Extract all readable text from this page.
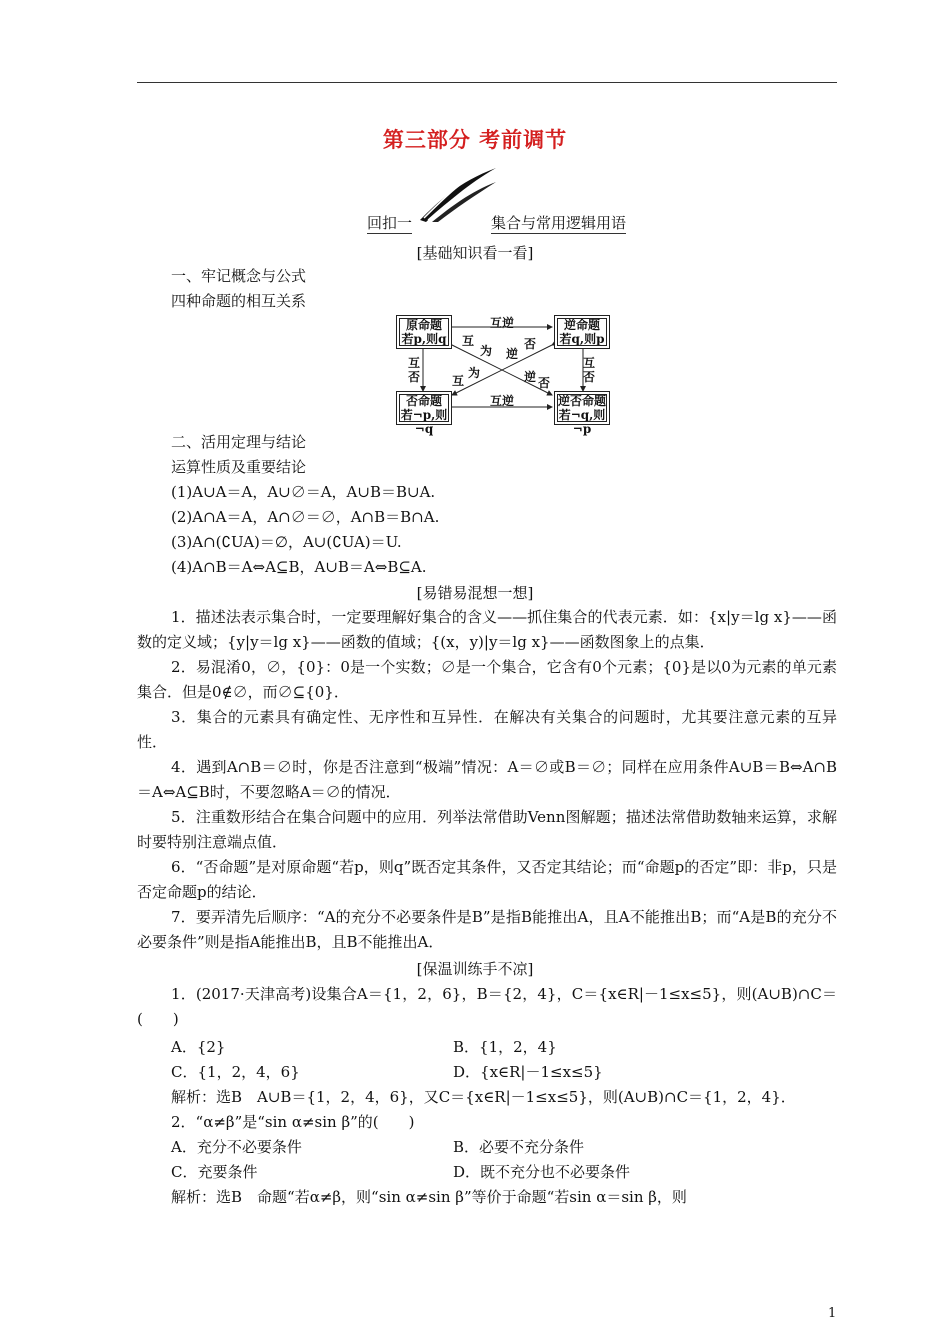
第三部分 考前调节
回扣一	集合与常用逻辑用语
[基础知识看一看]
一、牢记概念与公式
四种命题的相互关系
原命题
若p,则q
逆命题
若q,则p
否命题
若¬p,则¬q
逆否命题
若¬q,则¬p
互逆
互逆
互
否
互
否
互
为
逆 否
互
为
逆
否
二、活用定理与结论
运算性质及重要结论
(1)A∪A＝A，A∪∅＝A，A∪B＝B∪A.
(2)A∩A＝A，A∩∅＝∅，A∩B＝B∩A.
(3)A∩(∁UA)＝∅，A∪(∁UA)＝U.
(4)A∩B＝A⇔A⊆B，A∪B＝A⇔B⊆A.
[易错易混想一想]
1．描述法表示集合时，一定要理解好集合的含义——抓住集合的代表元素．如：{x|y＝lg x}——函数的定义域；{y|y＝lg x}——函数的值域；{(x，y)|y＝lg x}——函数图象上的点集．
2．易混淆0，∅，{0}：0是一个实数；∅是一个集合，它含有0个元素；{0}是以0为元素的单元素集合．但是0∉∅，而∅⊆{0}．
3．集合的元素具有确定性、无序性和互异性．在解决有关集合的问题时，尤其要注意元素的互异性．
4．遇到A∩B＝∅时，你是否注意到“极端”情况：A＝∅或B＝∅；同样在应用条件A∪B＝B⇔A∩B＝A⇔A⊆B时，不要忽略A＝∅的情况．
5．注重数形结合在集合问题中的应用．列举法常借助Venn图解题；描述法常借助数轴来运算，求解时要特别注意端点值．
6．“否命题”是对原命题“若p，则q”既否定其条件，又否定其结论；而“命题p的否定”即：非p，只是否定命题p的结论．
7．要弄清先后顺序：“A的充分不必要条件是B”是指B能推出A，且A不能推出B；而“A是B的充分不必要条件”则是指A能推出B，且B不能推出A．
[保温训练手不凉]
1．(2017·天津高考)设集合A＝{1，2，6}，B＝{2，4}，C＝{x∈R|－1≤x≤5}，则(A∪B)∩C＝(　　)
A．{2}	B．{1，2，4}
C．{1，2，4，6}	D．{x∈R|－1≤x≤5}
解析：选B　A∪B＝{1，2，4，6}，又C＝{x∈R|－1≤x≤5}，则(A∪B)∩C＝{1，2，4}．
2．“α≠β”是“sin α≠sin β”的(　　)
A．充分不必要条件	B．必要不充分条件
C．充要条件	D．既不充分也不必要条件
解析：选B　命题“若α≠β，则“sin α≠sin β”等价于命题“若sin α＝sin β，则
1
